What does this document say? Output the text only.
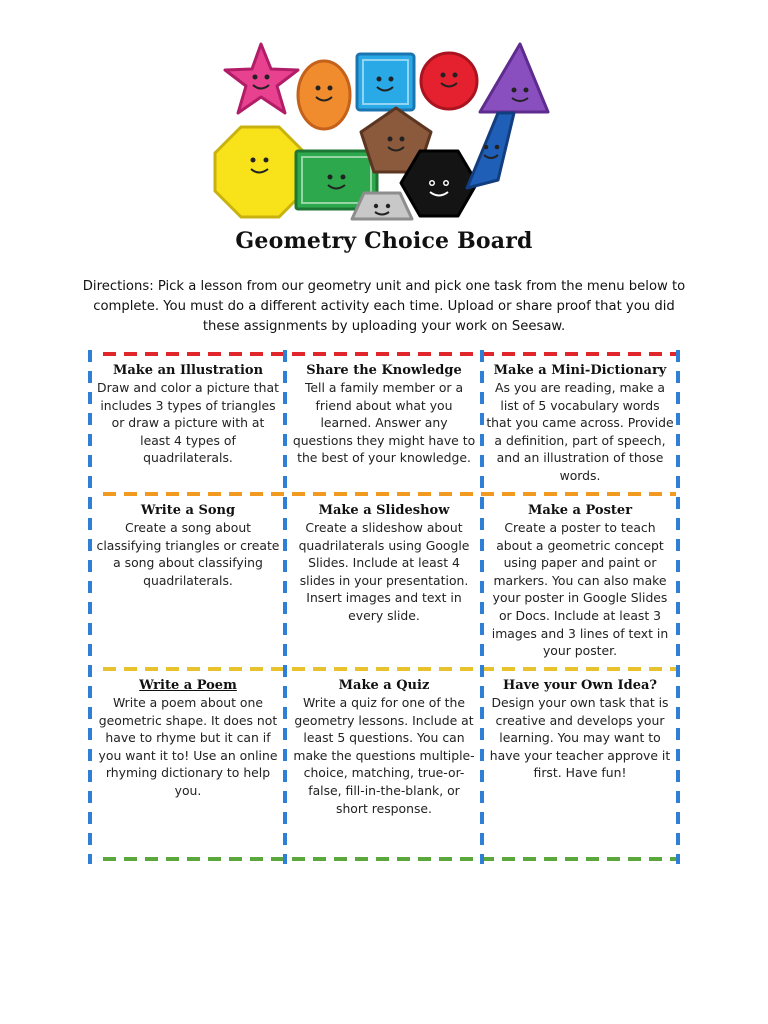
Geometry Choice Board
Directions: Pick a lesson from our geometry unit and pick one task from the menu below to complete. You must do a different activity each time. Upload or share proof that you did these assignments by uploading your work on Seesaw.
Make an Illustration
Draw and color a picture that includes 3 types of triangles or draw a picture with at least 4 types of quadrilaterals.
Share the Knowledge
Tell a family member or a friend about what you learned. Answer any questions they might have to the best of your knowledge.
Make a Mini-Dictionary
As you are reading, make a list of 5 vocabulary words that you came across. Provide a definition, part of speech, and an illustration of those words.
Write a Song
Create a song about classifying triangles or create a song about classifying quadrilaterals.
Make a Slideshow
Create a slideshow about quadrilaterals using Google Slides. Include at least 4 slides in your presentation. Insert images and text in every slide.
Make a Poster
Create a poster to teach about a geometric concept using paper and paint or markers. You can also make your poster in Google Slides or Docs. Include at least 3 images and 3 lines of text in your poster.
Write a Poem
Write a poem about one geometric shape. It does not have to rhyme but it can if you want it to! Use an online rhyming dictionary to help you.
Make a Quiz
Write a quiz for one of the geometry lessons. Include at least 5 questions. You can make the questions multiple-choice, matching, true-or-false, fill-in-the-blank, or short response.
Have your Own Idea?
Design your own task that is creative and develops your learning. You may want to have your teacher approve it first. Have fun!
